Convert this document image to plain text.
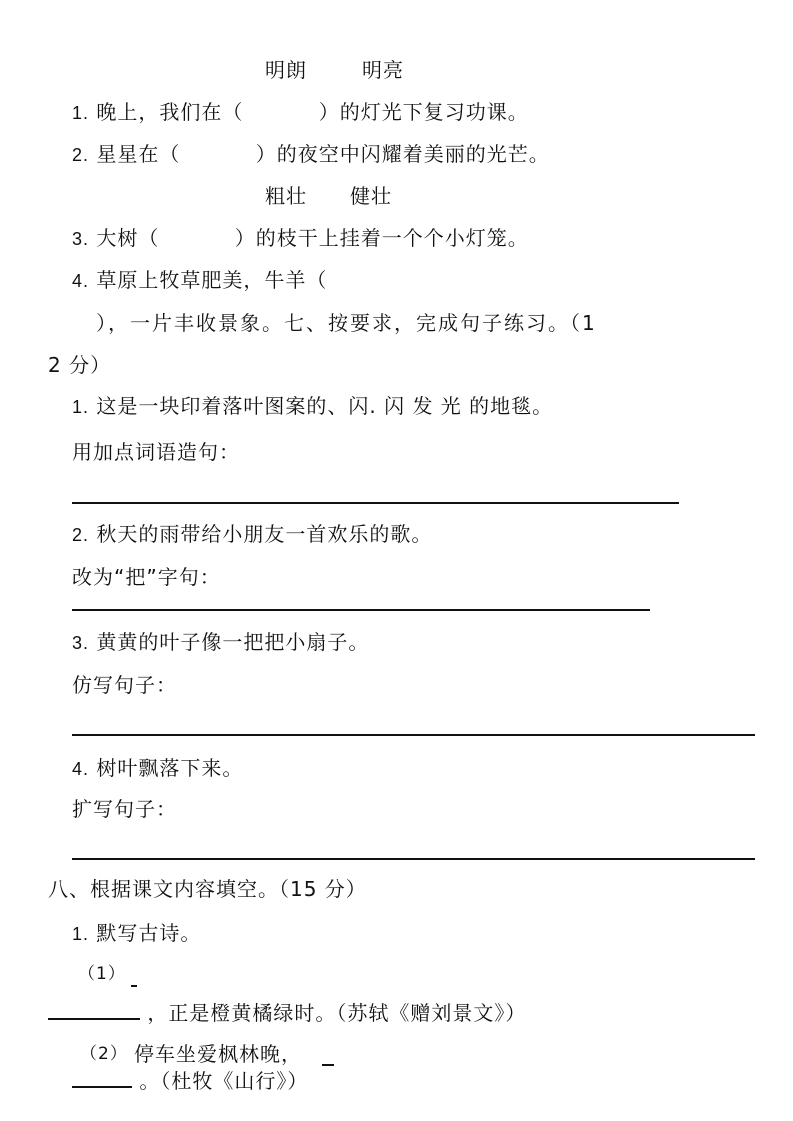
明朗	明亮
1. 晚上，我们在（ ）的灯光下复习功课。
2. 星星在（ ）的夜空中闪耀着美丽的光芒。
粗壮 健壮
3. 大树（ ）的枝干上挂着一个个小灯笼。
4. 草原上牧草肥美，牛羊（
），一片丰收景象。七、按要求，完成句子练习。（1
2 分）
1. 这是一块印着落叶图案的、闪. 闪 发 光 的地毯。
用加点词语造句：
2. 秋天的雨带给小朋友一首欢乐的歌。
改为“把”字句：
3. 黄黄的叶子像一把把小扇子。
仿写句子：
4. 树叶飘落下来。
扩写句子：
八、根据课文内容填空。（15 分）
1. 默写古诗。
（1）
，正是橙黄橘绿时。（苏轼《赠刘景文》）
（2） 停车坐爱枫林晚，
。（杜牧《山行》）
